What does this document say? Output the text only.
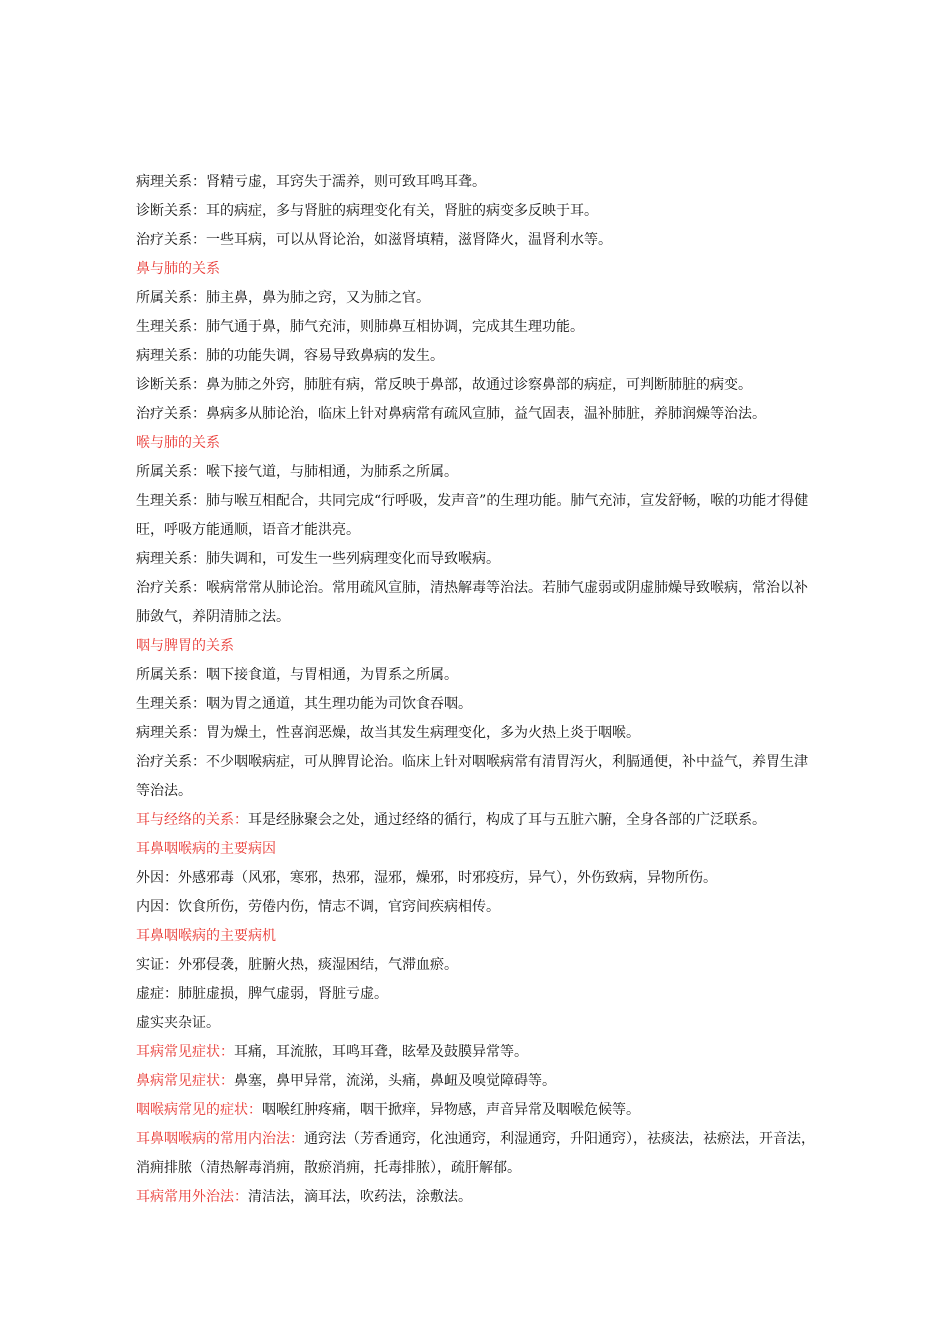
病理关系：肾精亏虚，耳窍失于濡养，则可致耳鸣耳聋。
诊断关系：耳的病症，多与肾脏的病理变化有关，肾脏的病变多反映于耳。
治疗关系：一些耳病，可以从肾论治，如滋肾填精，滋肾降火，温肾利水等。
鼻与肺的关系
所属关系：肺主鼻，鼻为肺之窍，又为肺之官。
生理关系：肺气通于鼻，肺气充沛，则肺鼻互相协调，完成其生理功能。
病理关系：肺的功能失调，容易导致鼻病的发生。
诊断关系：鼻为肺之外窍，肺脏有病，常反映于鼻部，故通过诊察鼻部的病症，可判断肺脏的病变。
治疗关系：鼻病多从肺论治，临床上针对鼻病常有疏风宣肺，益气固表，温补肺脏，养肺润燥等治法。
喉与肺的关系
所属关系：喉下接气道，与肺相通，为肺系之所属。
生理关系：肺与喉互相配合，共同完成“行呼吸，发声音”的生理功能。肺气充沛，宣发舒畅，喉的功能才得健旺，呼吸方能通顺，语音才能洪亮。
病理关系：肺失调和，可发生一些列病理变化而导致喉病。
治疗关系：喉病常常从肺论治。常用疏风宣肺，清热解毒等治法。若肺气虚弱或阴虚肺燥导致喉病，常治以补肺敛气，养阴清肺之法。
咽与脾胃的关系
所属关系：咽下接食道，与胃相通，为胃系之所属。
生理关系：咽为胃之通道，其生理功能为司饮食吞咽。
病理关系：胃为燥土，性喜润恶燥，故当其发生病理变化，多为火热上炎于咽喉。
治疗关系：不少咽喉病症，可从脾胃论治。临床上针对咽喉病常有清胃泻火，利膈通便，补中益气，养胃生津等治法。
耳与经络的关系：耳是经脉聚会之处，通过经络的循行，构成了耳与五脏六腑，全身各部的广泛联系。
耳鼻咽喉病的主要病因
外因：外感邪毒（风邪，寒邪，热邪，湿邪，燥邪，时邪疫疠，异气），外伤致病，异物所伤。
内因：饮食所伤，劳倦内伤，情志不调，官窍间疾病相传。
耳鼻咽喉病的主要病机
实证：外邪侵袭，脏腑火热，痰湿困结，气滞血瘀。
虚症：肺脏虚损，脾气虚弱，肾脏亏虚。
虚实夹杂证。
耳病常见症状：耳痛，耳流脓，耳鸣耳聋，眩晕及鼓膜异常等。
鼻病常见症状：鼻塞，鼻甲异常，流涕，头痛，鼻衄及嗅觉障碍等。
咽喉病常见的症状：咽喉红肿疼痛，咽干掀痒，异物感，声音异常及咽喉危候等。
耳鼻咽喉病的常用内治法：通窍法（芳香通窍，化浊通窍，利湿通窍，升阳通窍），祛痰法，祛瘀法，开音法，消痈排脓（清热解毒消痈，散瘀消痈，托毒排脓），疏肝解郁。
耳病常用外治法：清洁法，滴耳法，吹药法，涂敷法。
